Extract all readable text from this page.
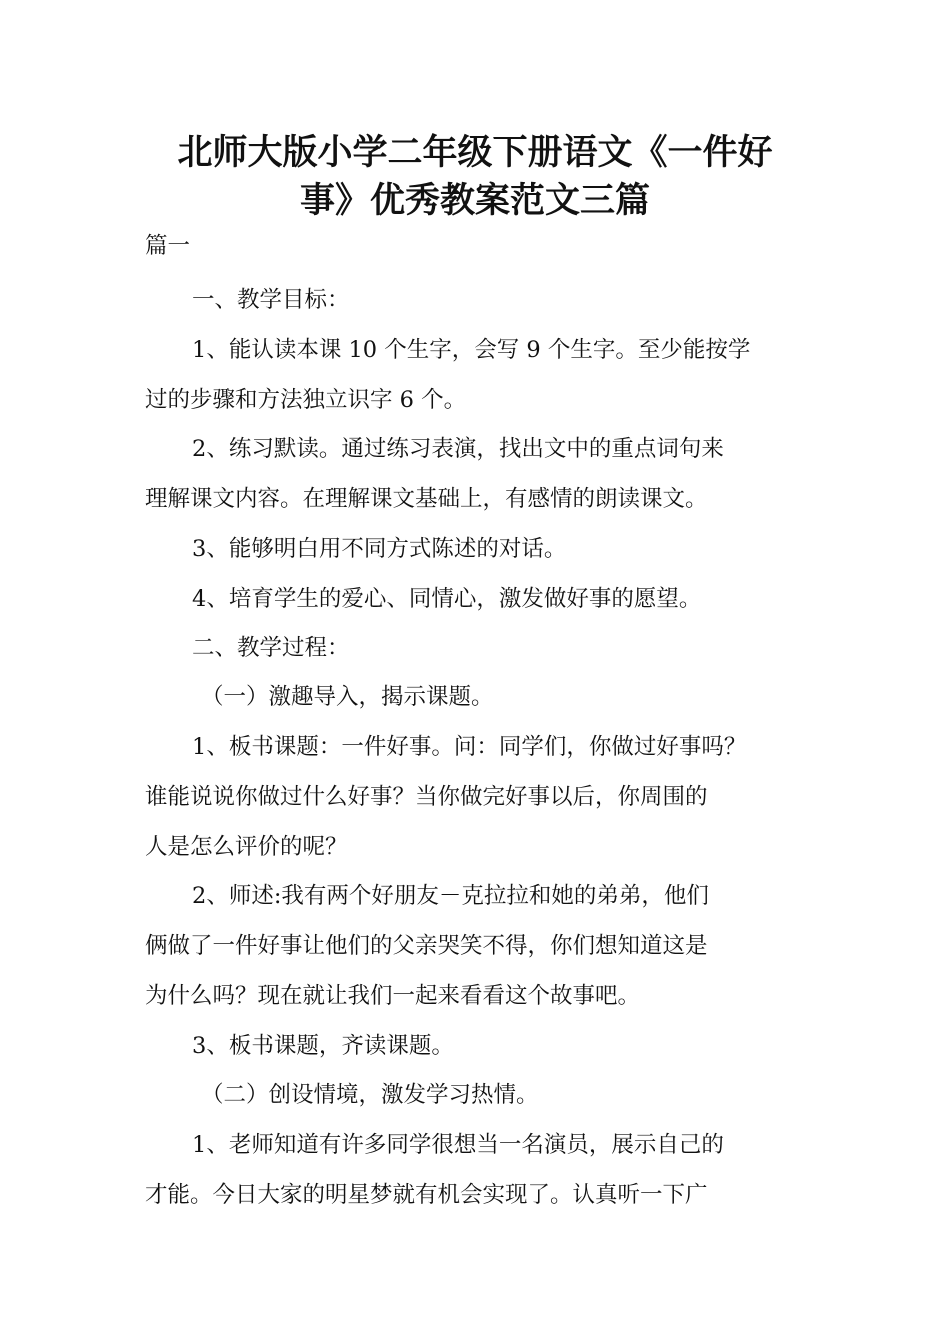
北师大版小学二年级下册语文《一件好
事》优秀教案范文三篇

篇一

一、教学目标：

1、能认读本课 10 个生字，会写 9 个生字。至少能按学
过的步骤和方法独立识字 6 个。

2、练习默读。通过练习表演，找出文中的重点词句来
理解课文内容。在理解课文基础上，有感情的朗读课文。

3、能够明白用不同方式陈述的对话。

4、培育学生的爱心、同情心，激发做好事的愿望。

二、教学过程：

（一）激趣导入，揭示课题。

1、板书课题：一件好事。问：同学们，你做过好事吗？
谁能说说你做过什么好事？当你做完好事以后，你周围的
人是怎么评价的呢？

2、师述:我有两个好朋友－克拉拉和她的弟弟，他们
俩做了一件好事让他们的父亲哭笑不得，你们想知道这是
为什么吗？现在就让我们一起来看看这个故事吧。

3、板书课题，齐读课题。

（二）创设情境，激发学习热情。

1、老师知道有许多同学很想当一名演员，展示自己的
才能。今日大家的明星梦就有机会实现了。认真听一下广
